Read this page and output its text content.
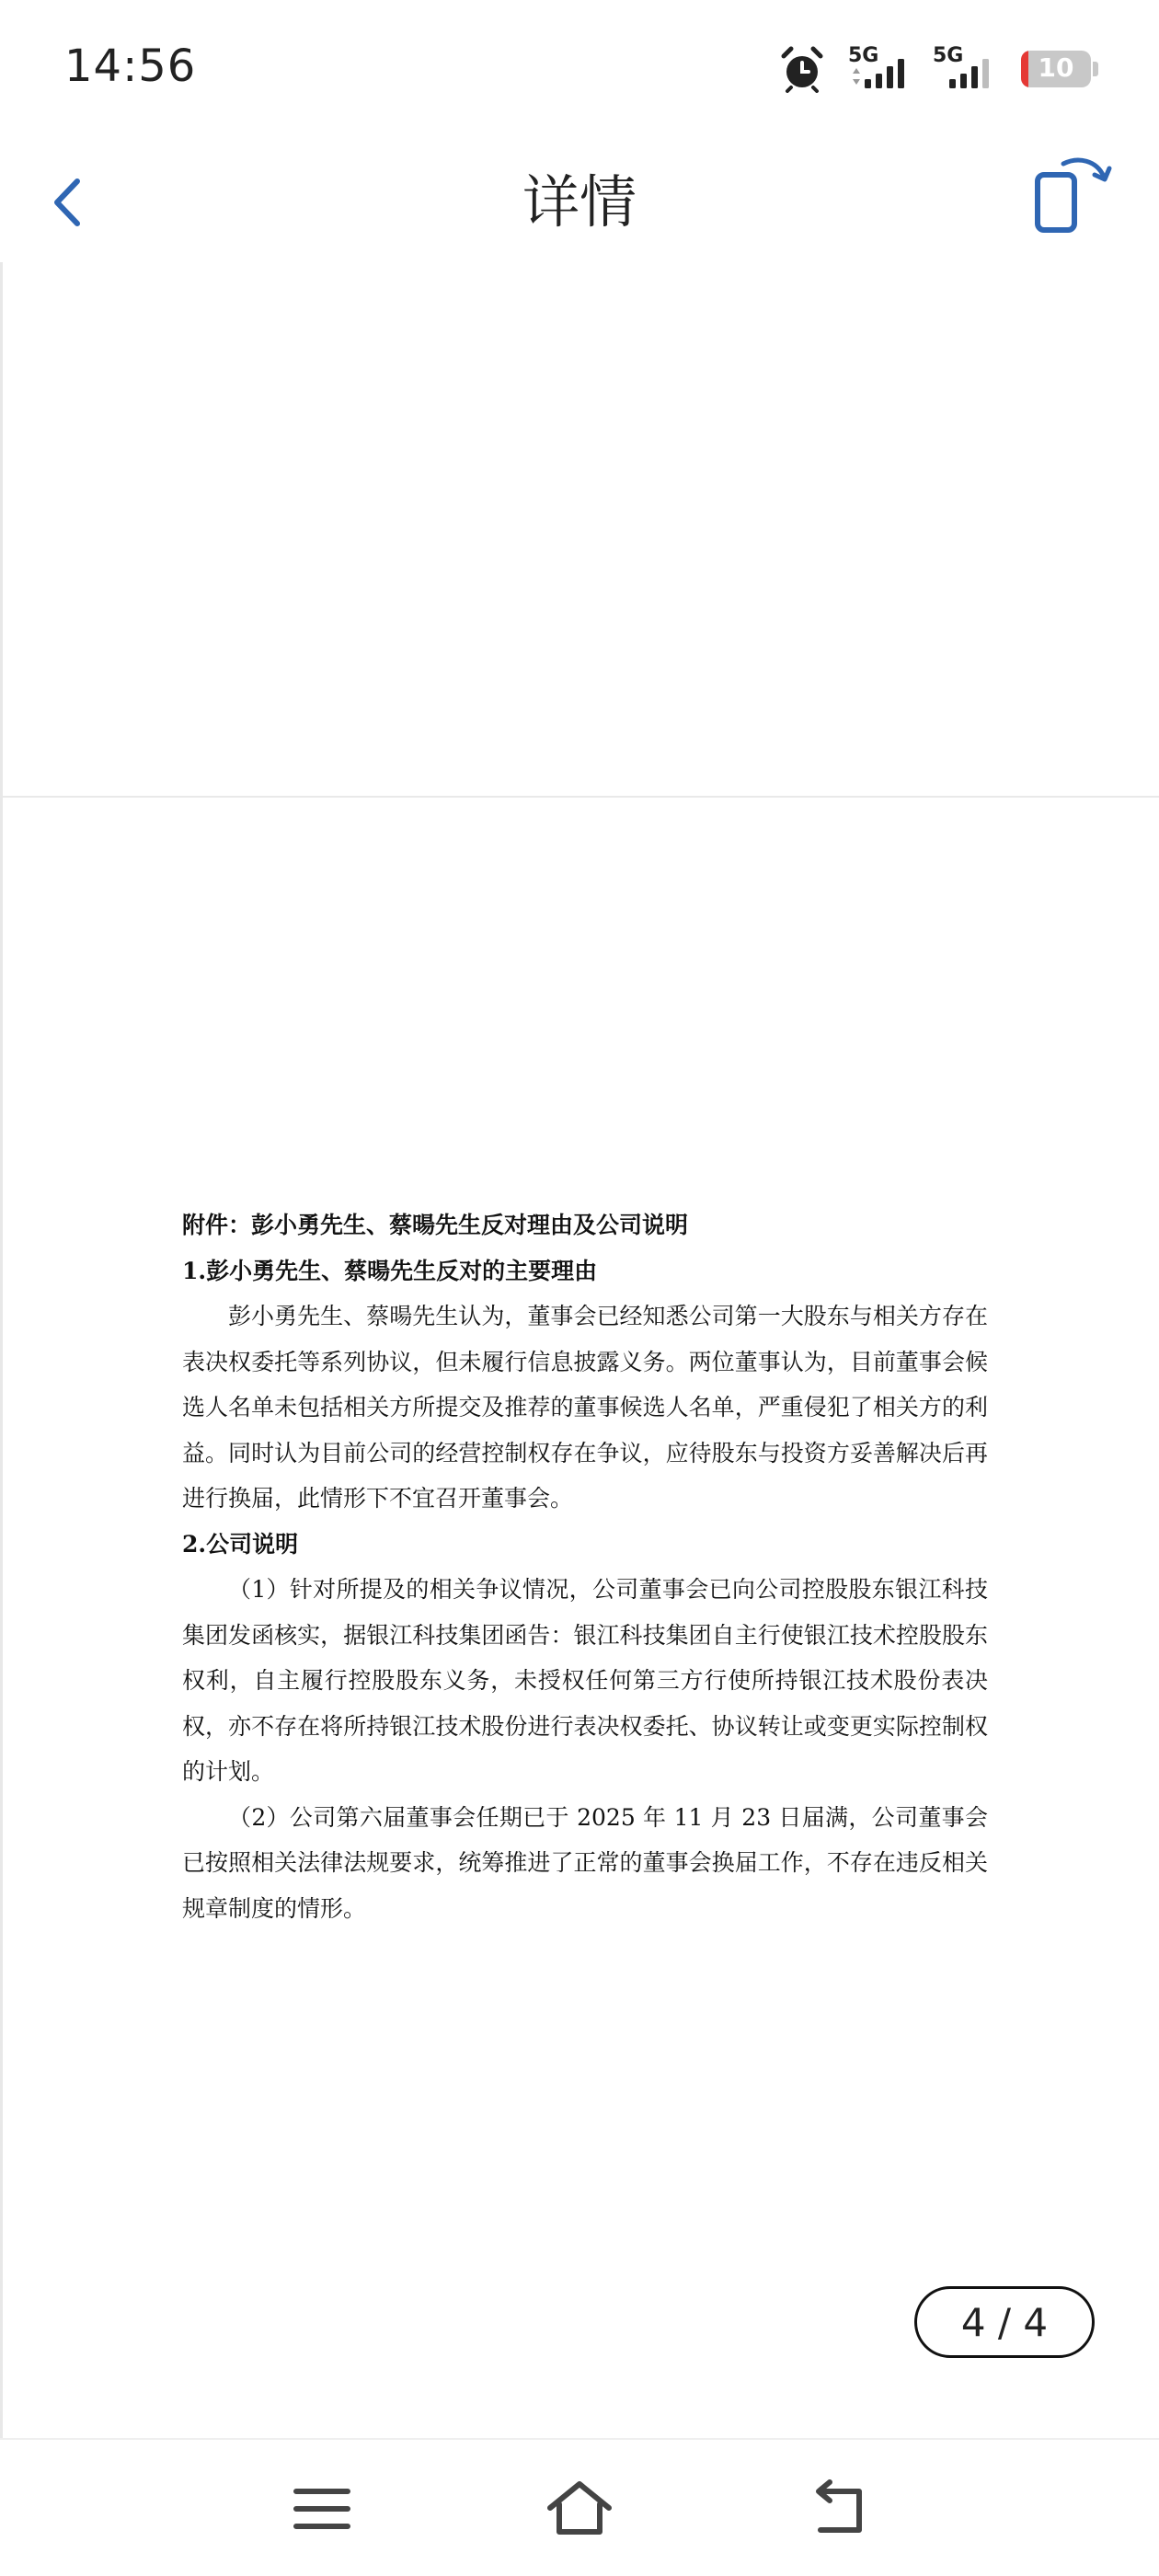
14:56	5G	5G	10
详情

附件：彭小勇先生、蔡暘先生反对理由及公司说明

1.彭小勇先生、蔡暘先生反对的主要理由

彭小勇先生、蔡暘先生认为，董事会已经知悉公司第一大股东与相关方存在表决权委托等系列协议，但未履行信息披露义务。两位董事认为，目前董事会候选人名单未包括相关方所提交及推荐的董事候选人名单，严重侵犯了相关方的利益。同时认为目前公司的经营控制权存在争议，应待股东与投资方妥善解决后再进行换届，此情形下不宜召开董事会。

2.公司说明

（1）针对所提及的相关争议情况，公司董事会已向公司控股股东银江科技集团发函核实，据银江科技集团函告：银江科技集团自主行使银江技术控股股东权利，自主履行控股股东义务，未授权任何第三方行使所持银江技术股份表决权，亦不存在将所持银江技术股份进行表决权委托、协议转让或变更实际控制权的计划。

（2）公司第六届董事会任期已于 2025 年 11 月 23 日届满，公司董事会已按照相关法律法规要求，统筹推进了正常的董事会换届工作，不存在违反相关规章制度的情形。

4 / 4
